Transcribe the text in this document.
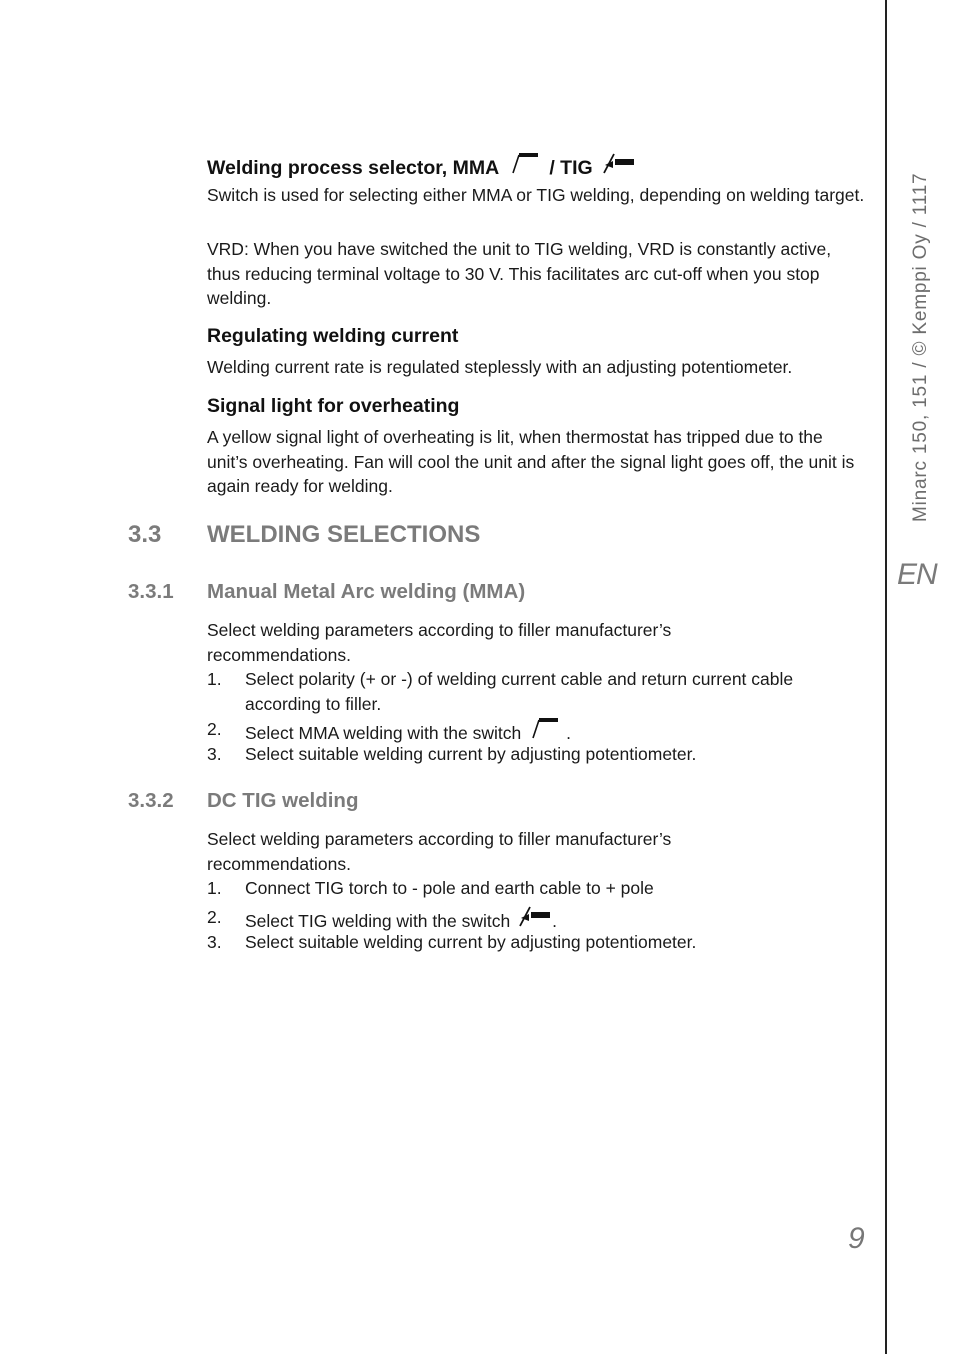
Minarc 150, 151 / © Kemppi Oy / 1117
EN
9
Welding process selector, MMA	/ TIG
Switch is used for selecting either MMA or TIG welding, depending on welding target.
VRD: When you have switched the unit to TIG welding, VRD is constantly active, thus reducing terminal voltage to 30 V. This facilitates arc cut-off when you stop welding.
Regulating welding current
Welding current rate is regulated steplessly with an adjusting potentiometer.
Signal light for overheating
A yellow signal light of overheating is lit, when thermostat has tripped due to the unit’s overheating. Fan will cool the unit and after the signal light goes off, the unit is again ready for welding.
3.3 WELDING SELECTIONS
3.3.1 Manual Metal Arc welding (MMA)
Select welding parameters according to filler manufacturer’s recommendations.
1. Select polarity (+ or -) of welding current cable and return current cable according to filler.
2. Select MMA welding with the switch	.
3. Select suitable welding current by adjusting potentiometer.
3.3.2 DC TIG welding
Select welding parameters according to filler manufacturer’s recommendations.
1. Connect TIG torch to - pole and earth cable to + pole
2. Select TIG welding with the switch .
3. Select suitable welding current by adjusting potentiometer.
